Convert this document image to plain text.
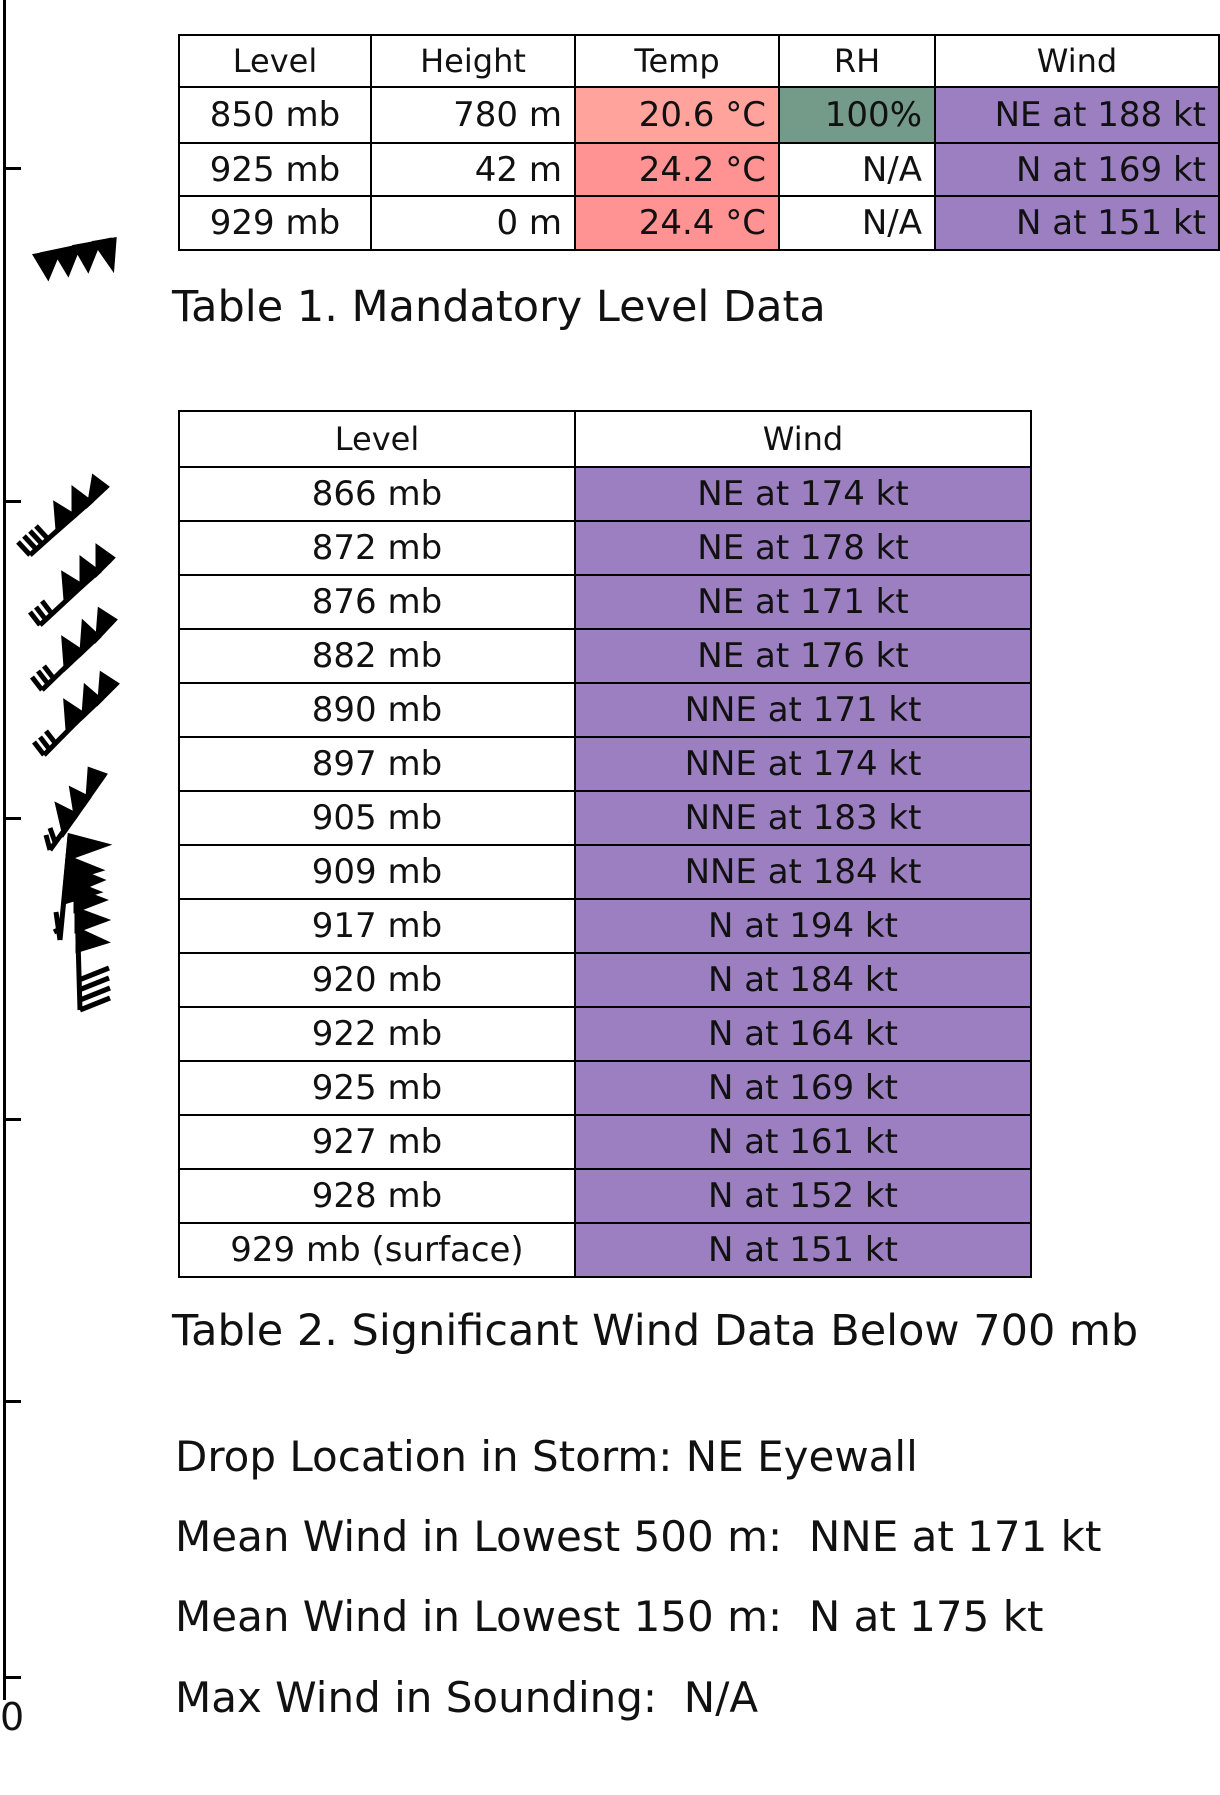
0
Level	Height	Temp	RH	Wind
850 mb	780 m	20.6 °C	100%	NE at 188 kt
925 mb	42 m	24.2 °C	N/A	N at 169 kt
929 mb	0 m	24.4 °C	N/A	N at 151 kt
Table 1. Mandatory Level Data
Level	Wind
866 mb	NE at 174 kt
872 mb	NE at 178 kt
876 mb	NE at 171 kt
882 mb	NE at 176 kt
890 mb	NNE at 171 kt
897 mb	NNE at 174 kt
905 mb	NNE at 183 kt
909 mb	NNE at 184 kt
917 mb	N at 194 kt
920 mb	N at 184 kt
922 mb	N at 164 kt
925 mb	N at 169 kt
927 mb	N at 161 kt
928 mb	N at 152 kt
929 mb (surface)	N at 151 kt
Table 2. Significant Wind Data Below 700 mb
Drop Location in Storm: NE Eyewall
Mean Wind in Lowest 500 m:  NNE at 171 kt
Mean Wind in Lowest 150 m:  N at 175 kt
Max Wind in Sounding:  N/A
